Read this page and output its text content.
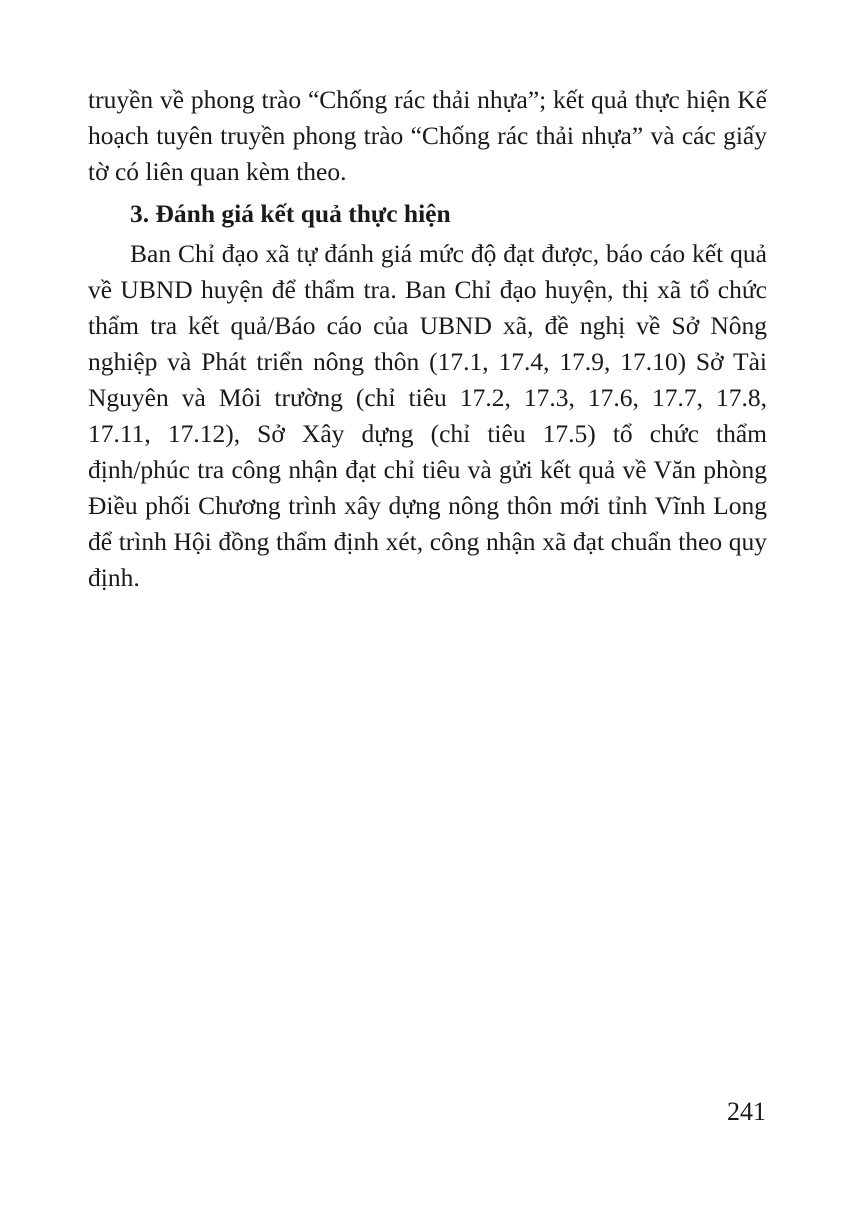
truyền về phong trào “Chống rác thải nhựa”; kết quả thực hiện Kế hoạch tuyên truyền phong trào “Chống rác thải nhựa” và các giấy tờ có liên quan kèm theo.

3. Đánh giá kết quả thực hiện

Ban Chỉ đạo xã tự đánh giá mức độ đạt được, báo cáo kết quả về UBND huyện để thẩm tra. Ban Chỉ đạo huyện, thị xã tổ chức thẩm tra kết quả/Báo cáo của UBND xã, đề nghị về Sở Nông nghiệp và Phát triển nông thôn (17.1, 17.4, 17.9, 17.10) Sở Tài Nguyên và Môi trường (chỉ tiêu 17.2, 17.3, 17.6, 17.7, 17.8, 17.11, 17.12), Sở Xây dựng (chỉ tiêu 17.5) tổ chức thẩm định/phúc tra công nhận đạt chỉ tiêu và gửi kết quả về Văn phòng Điều phối Chương trình xây dựng nông thôn mới tỉnh Vĩnh Long để trình Hội đồng thẩm định xét, công nhận xã đạt chuẩn theo quy định.

241
